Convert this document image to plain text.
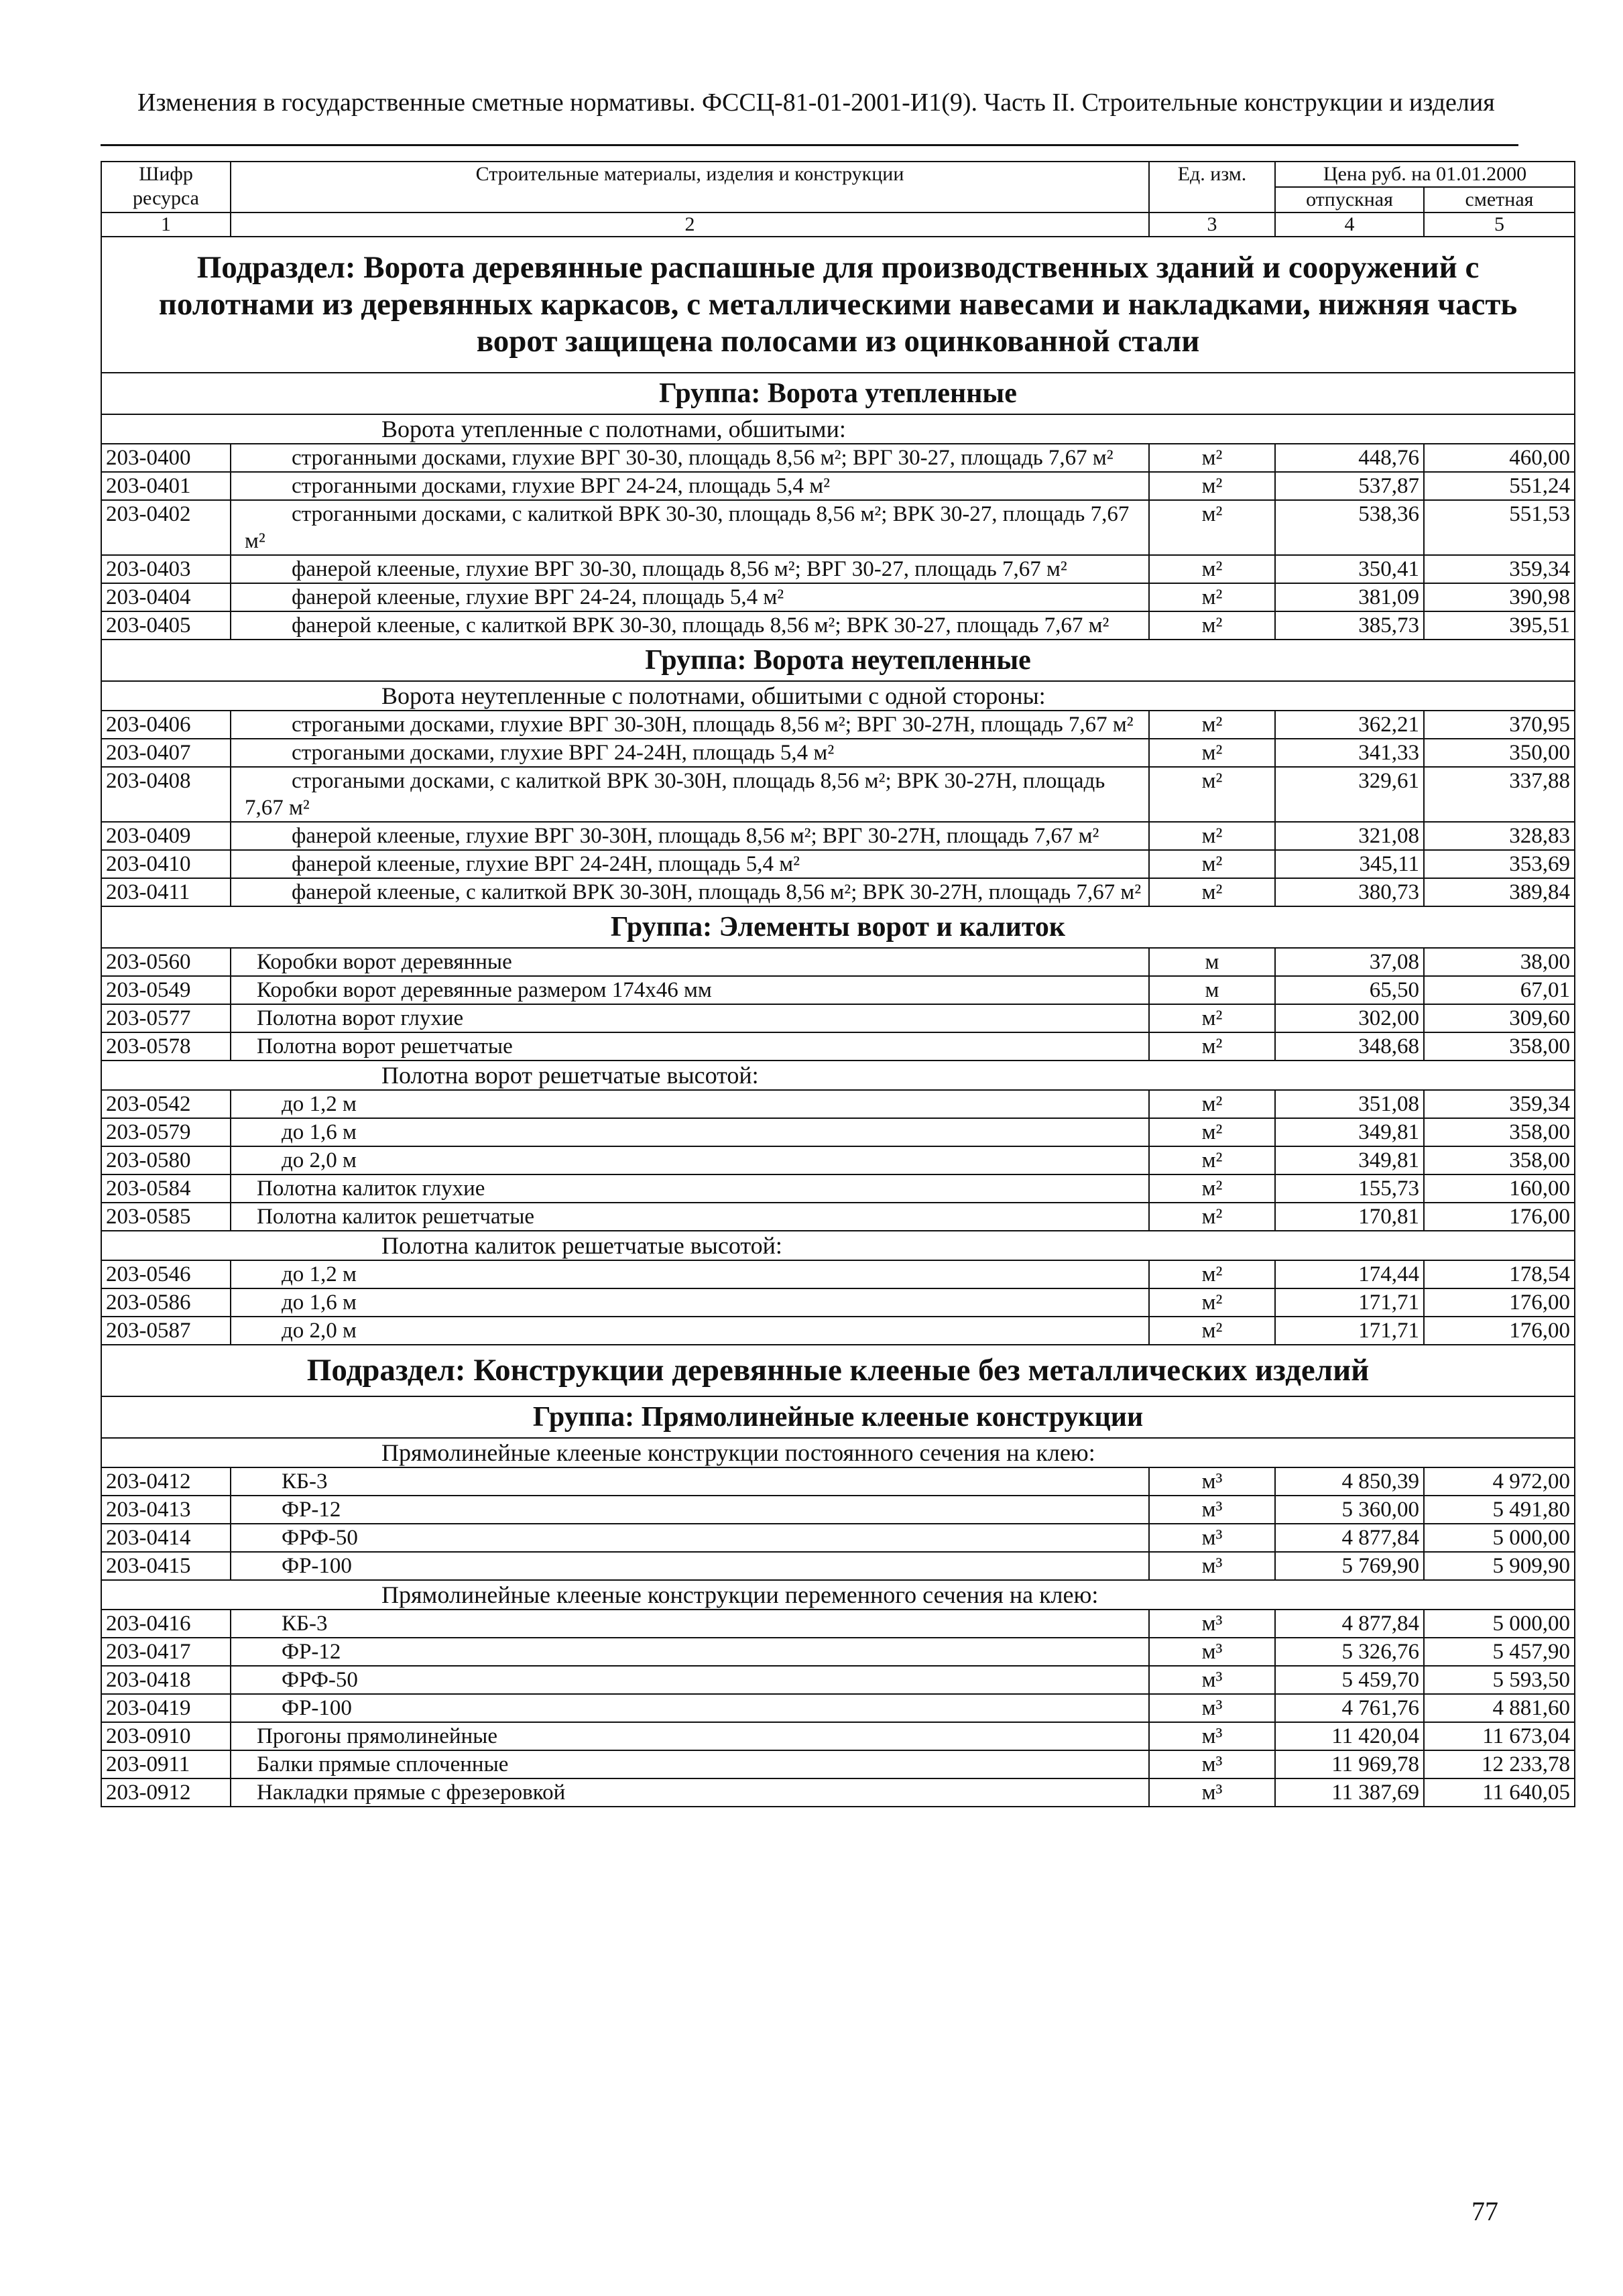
Изменения в государственные сметные нормативы. ФССЦ-81-01-2001-И1(9). Часть II. Строительные конструкции и изделия
Шифр ресурса	Строительные материалы, изделия и конструкции	Ед. изм.	Цена руб. на 01.01.2000	
			отпускная	сметная
1	2	3	4	5
Подраздел: Ворота деревянные распашные для производственных зданий и сооружений с полотнами из деревянных каркасов, с металлическими навесами и накладками, нижняя часть ворот защищена полосами из оцинкованной стали				
Группа: Ворота утепленные				
	Ворота утепленные с полотнами, обшитыми:			
203-0400	строганными досками, глухие ВРГ 30-30, площадь 8,56 м²; ВРГ 30-27, площадь 7,67 м²	м²	448,76	460,00
203-0401	строганными досками, глухие ВРГ 24-24, площадь 5,4 м²	м²	537,87	551,24
203-0402	строганными досками, с калиткой ВРК 30-30, площадь 8,56 м²; ВРК 30-27, площадь 7,67 м²	м²	538,36	551,53
203-0403	фанерой клееные, глухие ВРГ 30-30, площадь 8,56 м²; ВРГ 30-27, площадь 7,67 м²	м²	350,41	359,34
203-0404	фанерой клееные, глухие ВРГ 24-24, площадь 5,4 м²	м²	381,09	390,98
203-0405	фанерой клееные, с калиткой ВРК 30-30, площадь 8,56 м²; ВРК 30-27, площадь 7,67 м²	м²	385,73	395,51
Группа: Ворота неутепленные				
	Ворота неутепленные с полотнами, обшитыми с одной стороны:			
203-0406	строгаными досками, глухие ВРГ 30-30Н, площадь 8,56 м²; ВРГ 30-27Н, площадь 7,67 м²	м²	362,21	370,95
203-0407	строгаными досками, глухие ВРГ 24-24Н, площадь 5,4 м²	м²	341,33	350,00
203-0408	строгаными досками, с калиткой ВРК 30-30Н, площадь 8,56 м²; ВРК 30-27Н, площадь 7,67 м²	м²	329,61	337,88
203-0409	фанерой клееные, глухие ВРГ 30-30Н, площадь 8,56 м²; ВРГ 30-27Н, площадь 7,67 м²	м²	321,08	328,83
203-0410	фанерой клееные, глухие ВРГ 24-24Н, площадь 5,4 м²	м²	345,11	353,69
203-0411	фанерой клееные, с калиткой ВРК 30-30Н, площадь 8,56 м²; ВРК 30-27Н, площадь 7,67 м²	м²	380,73	389,84
Группа: Элементы ворот и калиток				
203-0560	Коробки ворот деревянные	м	37,08	38,00
203-0549	Коробки ворот деревянные размером 174х46 мм	м	65,50	67,01
203-0577	Полотна ворот глухие	м²	302,00	309,60
203-0578	Полотна ворот решетчатые	м²	348,68	358,00
	Полотна ворот решетчатые высотой:			
203-0542	до 1,2 м	м²	351,08	359,34
203-0579	до 1,6 м	м²	349,81	358,00
203-0580	до 2,0 м	м²	349,81	358,00
203-0584	Полотна калиток глухие	м²	155,73	160,00
203-0585	Полотна калиток решетчатые	м²	170,81	176,00
	Полотна калиток решетчатые высотой:			
203-0546	до 1,2 м	м²	174,44	178,54
203-0586	до 1,6 м	м²	171,71	176,00
203-0587	до 2,0 м	м²	171,71	176,00
Подраздел: Конструкции деревянные клееные без металлических изделий				
Группа: Прямолинейные клееные конструкции				
	Прямолинейные клееные конструкции постоянного сечения на клею:			
203-0412	КБ-3	м³	4 850,39	4 972,00
203-0413	ФР-12	м³	5 360,00	5 491,80
203-0414	ФРФ-50	м³	4 877,84	5 000,00
203-0415	ФР-100	м³	5 769,90	5 909,90
	Прямолинейные клееные конструкции переменного сечения на клею:			
203-0416	КБ-3	м³	4 877,84	5 000,00
203-0417	ФР-12	м³	5 326,76	5 457,90
203-0418	ФРФ-50	м³	5 459,70	5 593,50
203-0419	ФР-100	м³	4 761,76	4 881,60
203-0910	Прогоны прямолинейные	м³	11 420,04	11 673,04
203-0911	Балки прямые сплоченные	м³	11 969,78	12 233,78
203-0912	Накладки прямые с фрезеровкой	м³	11 387,69	11 640,05
77
